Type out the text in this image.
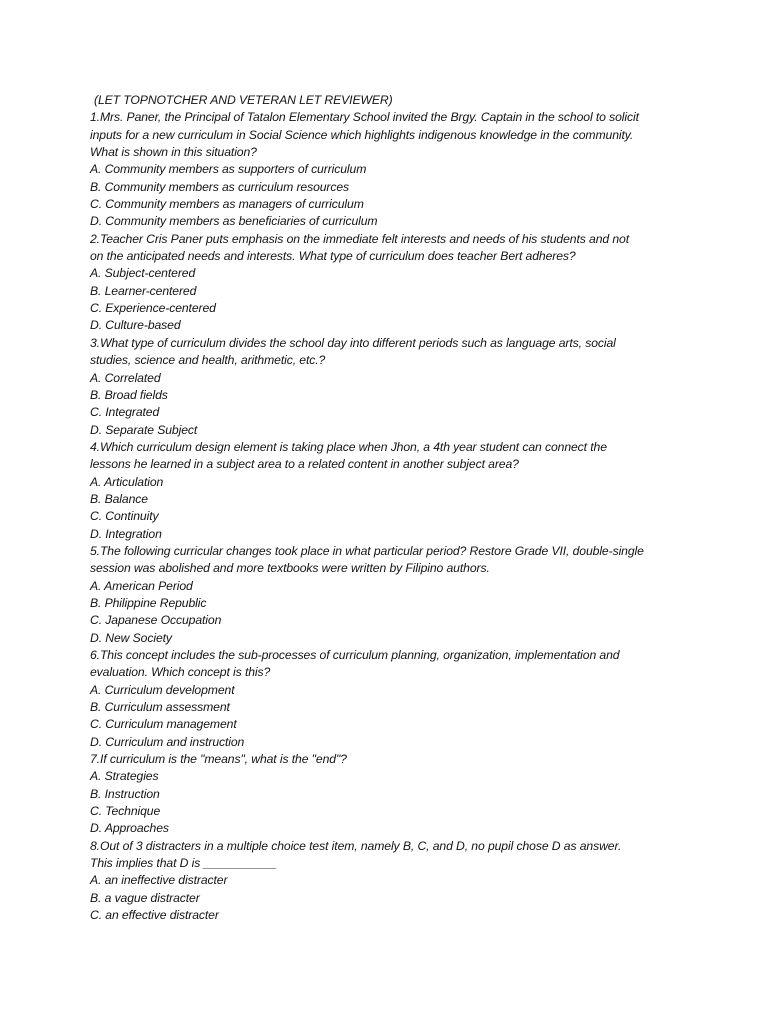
(LET TOPNOTCHER AND VETERAN LET REVIEWER)
1.Mrs. Paner, the Principal of Tatalon Elementary School invited the Brgy. Captain in the school to solicit
inputs for a new curriculum in Social Science which highlights indigenous knowledge in the community.
What is shown in this situation?
A. Community members as supporters of curriculum
B. Community members as curriculum resources
C. Community members as managers of curriculum
D. Community members as beneficiaries of curriculum
2.Teacher Cris Paner puts emphasis on the immediate felt interests and needs of his students and not
on the anticipated needs and interests. What type of curriculum does teacher Bert adheres?
A. Subject-centered
B. Learner-centered
C. Experience-centered
D. Culture-based
3.What type of curriculum divides the school day into different periods such as language arts, social
studies, science and health, arithmetic, etc.?
A. Correlated
B. Broad fields
C. Integrated
D. Separate Subject
4.Which curriculum design element is taking place when Jhon, a 4th year student can connect the
lessons he learned in a subject area to a related content in another subject area?
A. Articulation
B. Balance
C. Continuity
D. Integration
5.The following curricular changes took place in what particular period? Restore Grade VII, double-single
session was abolished and more textbooks were written by Filipino authors.
A. American Period
B. Philippine Republic
C. Japanese Occupation
D. New Society
6.This concept includes the sub-processes of curriculum planning, organization, implementation and
evaluation. Which concept is this?
A. Curriculum development
B. Curriculum assessment
C. Curriculum management
D. Curriculum and instruction
7.If curriculum is the "means", what is the "end"?
A. Strategies
B. Instruction
C. Technique
D. Approaches
8.Out of 3 distracters in a multiple choice test item, namely B, C, and D, no pupil chose D as answer.
This implies that D is ___________
A. an ineffective distracter
B. a vague distracter
C. an effective distracter
